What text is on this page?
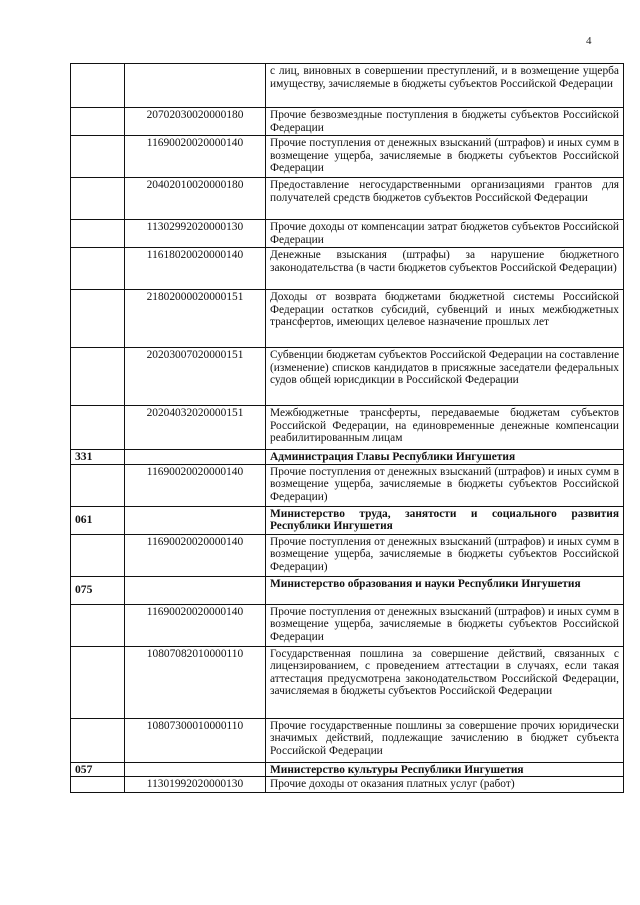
4
		с лиц, виновных в совершении преступлений, и в возмещение ущерба имуществу, зачисляемые в бюджеты субъектов Российской Федерации
	20702030020000180	Прочие безвозмездные поступления в бюджеты субъектов Российской Федерации
	11690020020000140	Прочие поступления от денежных взысканий (штрафов) и иных сумм в возмещение ущерба, зачисляемые в бюджеты субъектов Российской Федерации
	20402010020000180	Предоставление негосударственными организациями грантов для получателей средств бюджетов субъектов Российской Федерации
	11302992020000130	Прочие доходы от компенсации затрат бюджетов субъектов Российской Федерации
	11618020020000140	Денежные взыскания (штрафы) за нарушение бюджетного законодательства (в части бюджетов субъектов Российской Федерации)
	21802000020000151	Доходы от возврата бюджетами бюджетной системы Российской Федерации остатков субсидий, субвенций и иных межбюджетных трансфертов, имеющих целевое назначение прошлых лет
	20203007020000151	Субвенции бюджетам субъектов Российской Федерации на составление (изменение) списков кандидатов в присяжные заседатели федеральных судов общей юрисдикции в Российской Федерации
	20204032020000151	Межбюджетные трансферты, передаваемые бюджетам субъектов Российской Федерации, на единовременные денежные компенсации реабилитированным лицам
331		Администрация Главы Республики Ингушетия
	11690020020000140	Прочие поступления от денежных взысканий (штрафов) и иных сумм в возмещение ущерба, зачисляемые в бюджеты субъектов Российской Федерации)
061		Министерство труда, занятости и социального развития Республики Ингушетия
	11690020020000140	Прочие поступления от денежных взысканий (штрафов) и иных сумм в возмещение ущерба, зачисляемые в бюджеты субъектов Российской Федерации)
075		Министерство образования и науки Республики Ингушетия
	11690020020000140	Прочие поступления от денежных взысканий (штрафов) и иных сумм в возмещение ущерба, зачисляемые в бюджеты субъектов Российской Федерации
	10807082010000110	Государственная пошлина за совершение действий, связанных с лицензированием, с проведением аттестации в случаях, если такая аттестация предусмотрена законодательством Российской Федерации, зачисляемая в бюджеты субъектов Российской Федерации
	10807300010000110	Прочие государственные пошлины за совершение прочих юридически значимых действий, подлежащие зачислению в бюджет субъекта Российской Федерации
057		Министерство культуры Республики Ингушетия
	11301992020000130	Прочие доходы от оказания платных услуг (работ)
